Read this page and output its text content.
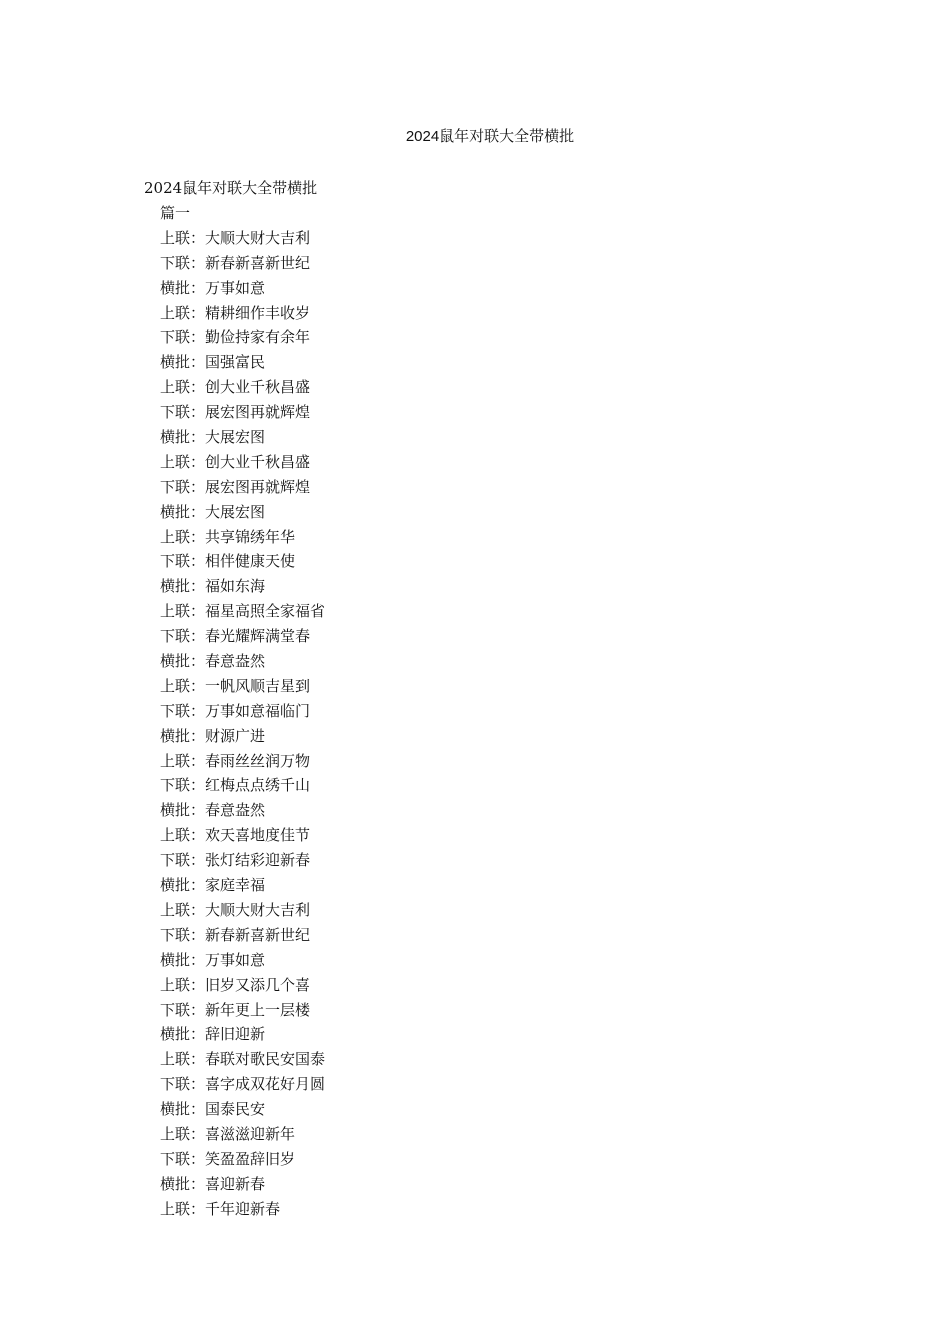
2024鼠年对联大全带横批
2024鼠年对联大全带横批
篇一
上联：大顺大财大吉利
下联：新春新喜新世纪
横批：万事如意
上联：精耕细作丰收岁
下联：勤俭持家有余年
横批：国强富民
上联：创大业千秋昌盛
下联：展宏图再就辉煌
横批：大展宏图
上联：创大业千秋昌盛
下联：展宏图再就辉煌
横批：大展宏图
上联：共享锦绣年华
下联：相伴健康天使
横批：福如东海
上联：福星高照全家福省
下联：春光耀辉满堂春
横批：春意盎然
上联：一帆风顺吉星到
下联：万事如意福临门
横批：财源广进
上联：春雨丝丝润万物
下联：红梅点点绣千山
横批：春意盎然
上联：欢天喜地度佳节
下联：张灯结彩迎新春
横批：家庭幸福
上联：大顺大财大吉利
下联：新春新喜新世纪
横批：万事如意
上联：旧岁又添几个喜
下联：新年更上一层楼
横批：辞旧迎新
上联：春联对歌民安国泰
下联：喜字成双花好月圆
横批：国泰民安
上联：喜滋滋迎新年
下联：笑盈盈辞旧岁
横批：喜迎新春
上联：千年迎新春
